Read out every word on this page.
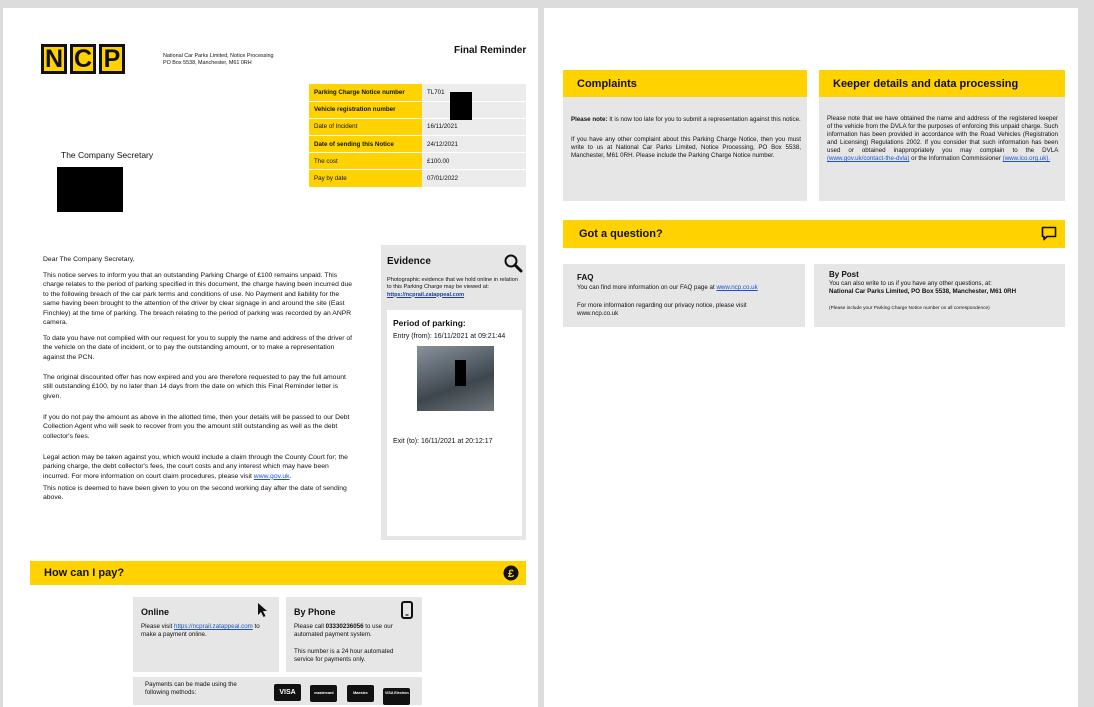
N C P	National Car Parks Limited, Notice Processing
PO Box 5538, Manchester, M61 0RH
Final Reminder
Parking Charge Notice number	TL701
Vehicle registration number	
Date of Incident	16/11/2021
Date of sending this Notice	24/12/2021
The cost	£100.00
Pay by date	07/01/2022
The Company Secretary
Dear The Company Secretary,
This notice serves to inform you that an outstanding Parking Charge of £100 remains unpaid. This charge relates to the period of parking specified in this document, the charge having been incurred due to the following breach of the car park terms and conditions of use. No Payment and liability for the same having been brought to the attention of the driver by clear signage in and around the site (East Finchley) at the time of parking. The breach relating to the period of parking was recorded by an ANPR camera.
To date you have not complied with our request for you to supply the name and address of the driver of the vehicle on the date of incident, or to pay the outstanding amount, or to make a representation against the PCN.
The original discounted offer has now expired and you are therefore requested to pay the full amount still outstanding £100, by no later than 14 days from the date on which this Final Reminder letter is given.
If you do not pay the amount as above in the allotted time, then your details will be passed to our Debt Collection Agent who will seek to recover from you the amount still outstanding as well as the debt collector's fees.
Legal action may be taken against you, which would include a claim through the County Court for; the parking charge, the debt collector's fees, the court costs and any interest which may have been incurred. For more information on court claim procedures, please visit www.gov.uk.
This notice is deemed to have been given to you on the second working day after the date of sending above.
Evidence
Photographic evidence that we hold online in relation to this Parking Charge may be viewed at: https://ncprail.zatappeal.com
Period of parking:
Entry (from): 16/11/2021 at 09:21:44
Exit (to): 16/11/2021 at 20:12:17
How can I pay?	£
Online
Please visit https://ncprail.zatappeal.com to make a payment online.
By Phone
Please call 03330236056 to use our automated payment system.
This number is a 24 hour automated service for payments only.
Payments can be made using the following methods:	VISA	mastercard	Maestro	VISA Electron
Complaints
Please note: It is now too late for you to submit a representation against this notice.
If you have any other complaint about this Parking Charge Notice, then you must write to us at National Car Parks Limited, Notice Processing, PO Box 5538, Manchester, M61 0RH. Please include the Parking Charge Notice number.
Keeper details and data processing
Please note that we have obtained the name and address of the registered keeper of the vehicle from the DVLA for the purposes of enforcing this unpaid charge. Such information has been provided in accordance with the Road Vehicles (Registration and Licensing) Regulations 2002. If you consider that such information has been used or obtained inappropriately you may complain to the DVLA (www.gov.uk/contact-the-dvla) or the Information Commissioner (www.ico.org.uk).
Got a question?
FAQ
You can find more information on our FAQ page at www.ncp.co.uk
For more information regarding our privacy notice, please visit www.ncp.co.uk
By Post
You can also write to us if you have any other questions, at:
National Car Parks Limited, PO Box 5538, Manchester, M61 0RH
(Please include your Parking Charge Notice number on all correspondence)
